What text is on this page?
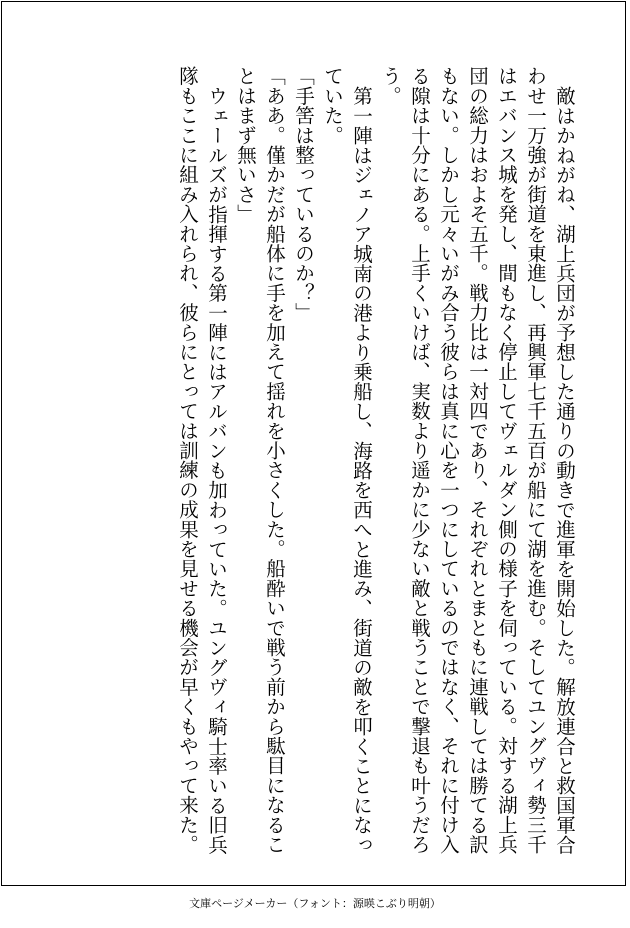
敵はかねがね、湖上兵団が予想した通りの動きで進軍を開始した。解放連合と救国軍合わせ一万強が街道を東進し、再興軍七千五百が船にて湖を進む。そしてユングヴィ勢三千はエバンス城を発し、間もなく停止してヴェルダン側の様子を伺っている。対する湖上兵団の総力はおよそ五千。戦力比は一対四であり、それぞれとまともに連戦しては勝てる訳もない。しかし元々いがみ合う彼らは真に心を一つにしているのではなく、それに付け入る隙は十分にある。上手くいけば、実数より遥かに少ない敵と戦うことで撃退も叶うだろう。

第一陣はジェノア城南の港より乗船し、海路を西へと進み、街道の敵を叩くことになっていた。

「手筈は整っているのか？」

「ああ。僅かだが船体に手を加えて揺れを小さくした。船酔いで戦う前から駄目になることはまず無いさ」

ウェールズが指揮する第一陣にはアルバンも加わっていた。ユングヴィ騎士率いる旧兵隊もここに組み入れられ、彼らにとっては訓練の成果を見せる機会が早くもやって来た。

文庫ページメーカー（フォント：源暎こぶり明朝）
